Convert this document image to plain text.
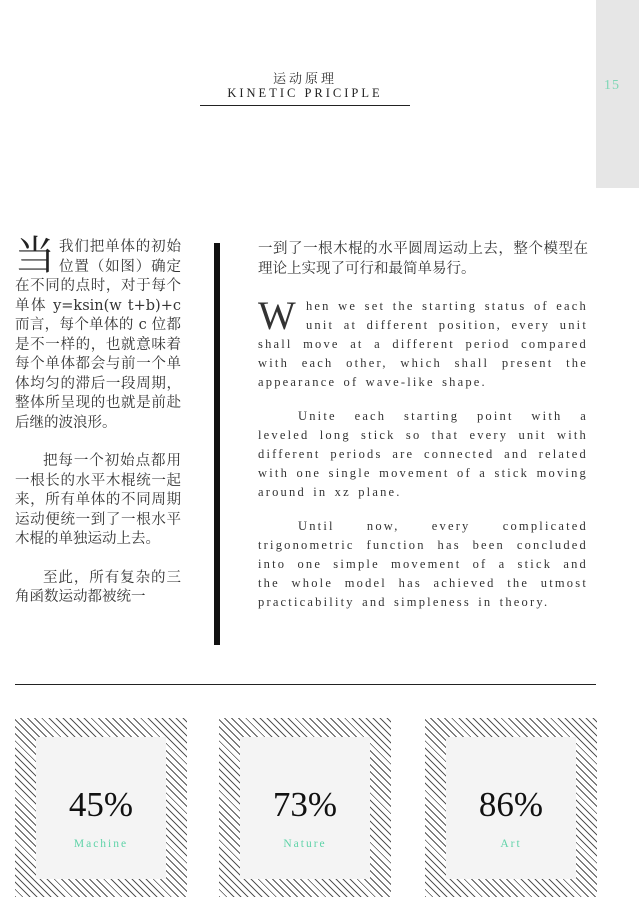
15
运动原理
KINETIC PRICIPLE

当 我们把单体的初始位置（如图）确定在不同的点时，对于每个单体 y=ksin(w t+b)+c 而言，每个单体的 c 位都是不一样的，也就意味着每个单体都会与前一个单体均匀的滞后一段周期，整体所呈现的也就是前赴后继的波浪形。

把每一个初始点都用一根长的水平木棍统一起来，所有单体的不同周期运动便统一到了一根水平木棍的单独运动上去。

至此，所有复杂的三角函数运动都被统一

一到了一根木棍的水平圆周运动上去，整个模型在理论上实现了可行和最简单易行。

W hen we set the starting status of each unit at different position, every unit shall move at a different period compared with each other, which shall present the appearance of wave-like shape.

Unite each starting point with a leveled long stick so that every unit with different periods are connected and related with one single movement of a stick moving around in xz plane.

Until now, every complicated trigonometric function has been concluded into one simple movement of a stick and the whole model has achieved the utmost practicability and simpleness in theory.

45%
Machine
73%
Nature
86%
Art
